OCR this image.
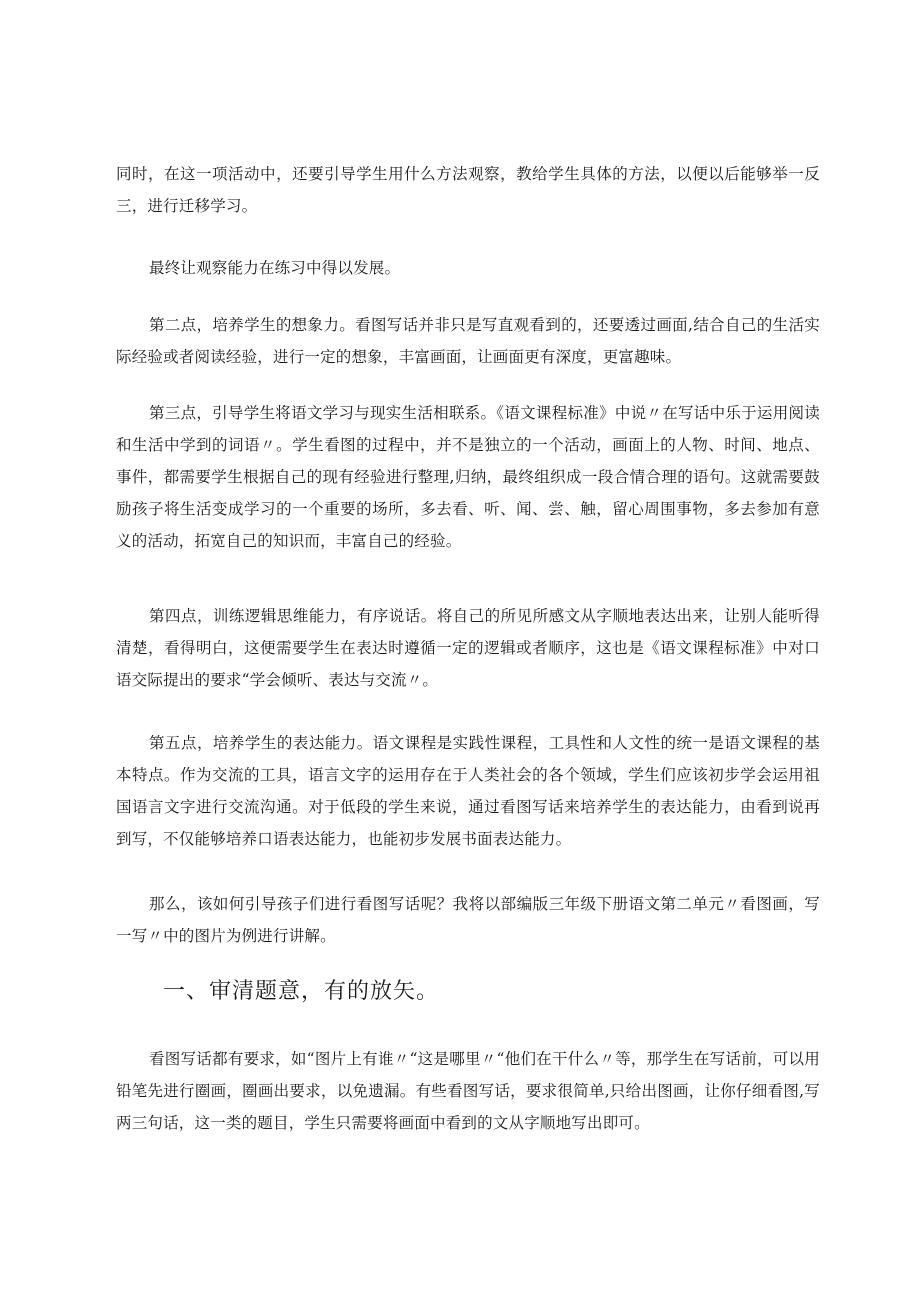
同时，在这一项活动中，还要引导学生用什么方法观察，教给学生具体的方法，以便以后能够举一反三，进行迁移学习。

最终让观察能力在练习中得以发展。

第二点，培养学生的想象力。看图写话并非只是写直观看到的，还要透过画面,结合自己的生活实际经验或者阅读经验，进行一定的想象，丰富画面，让画面更有深度，更富趣味。

第三点，引导学生将语文学习与现实生活相联系。《语文课程标准》中说〃在写话中乐于运用阅读和生活中学到的词语〃。学生看图的过程中，并不是独立的一个活动，画面上的人物、时间、地点、事件，都需要学生根据自己的现有经验进行整理,归纳，最终组织成一段合情合理的语句。这就需要鼓励孩子将生活变成学习的一个重要的场所，多去看、听、闻、尝、触，留心周围事物，多去参加有意义的活动，拓宽自己的知识而，丰富自己的经验。

第四点，训练逻辑思维能力，有序说话。将自己的所见所感文从字顺地表达出来，让别人能听得清楚，看得明白，这便需要学生在表达时遵循一定的逻辑或者顺序，这也是《语文课程标准》中对口语交际提出的要求“学会倾听、表达与交流〃。

第五点，培养学生的表达能力。语文课程是实践性课程，工具性和人文性的统一是语文课程的基本特点。作为交流的工具，语言文字的运用存在于人类社会的各个领域，学生们应该初步学会运用祖国语言文字进行交流沟通。对于低段的学生来说，通过看图写话来培养学生的表达能力，由看到说再到写，不仅能够培养口语表达能力，也能初步发展书面表达能力。

那么，该如何引导孩子们进行看图写话呢？我将以部编版三年级下册语文第二单元〃看图画，写一写〃中的图片为例进行讲解。

一、审清题意，有的放矢。

看图写话都有要求，如“图片上有谁〃“这是哪里〃“他们在干什么〃等，那学生在写话前，可以用铅笔先进行圈画，圈画出要求，以免遗漏。有些看图写话，要求很简单,只给出图画，让你仔细看图,写两三句话，这一类的题目，学生只需要将画面中看到的文从字顺地写出即可。
